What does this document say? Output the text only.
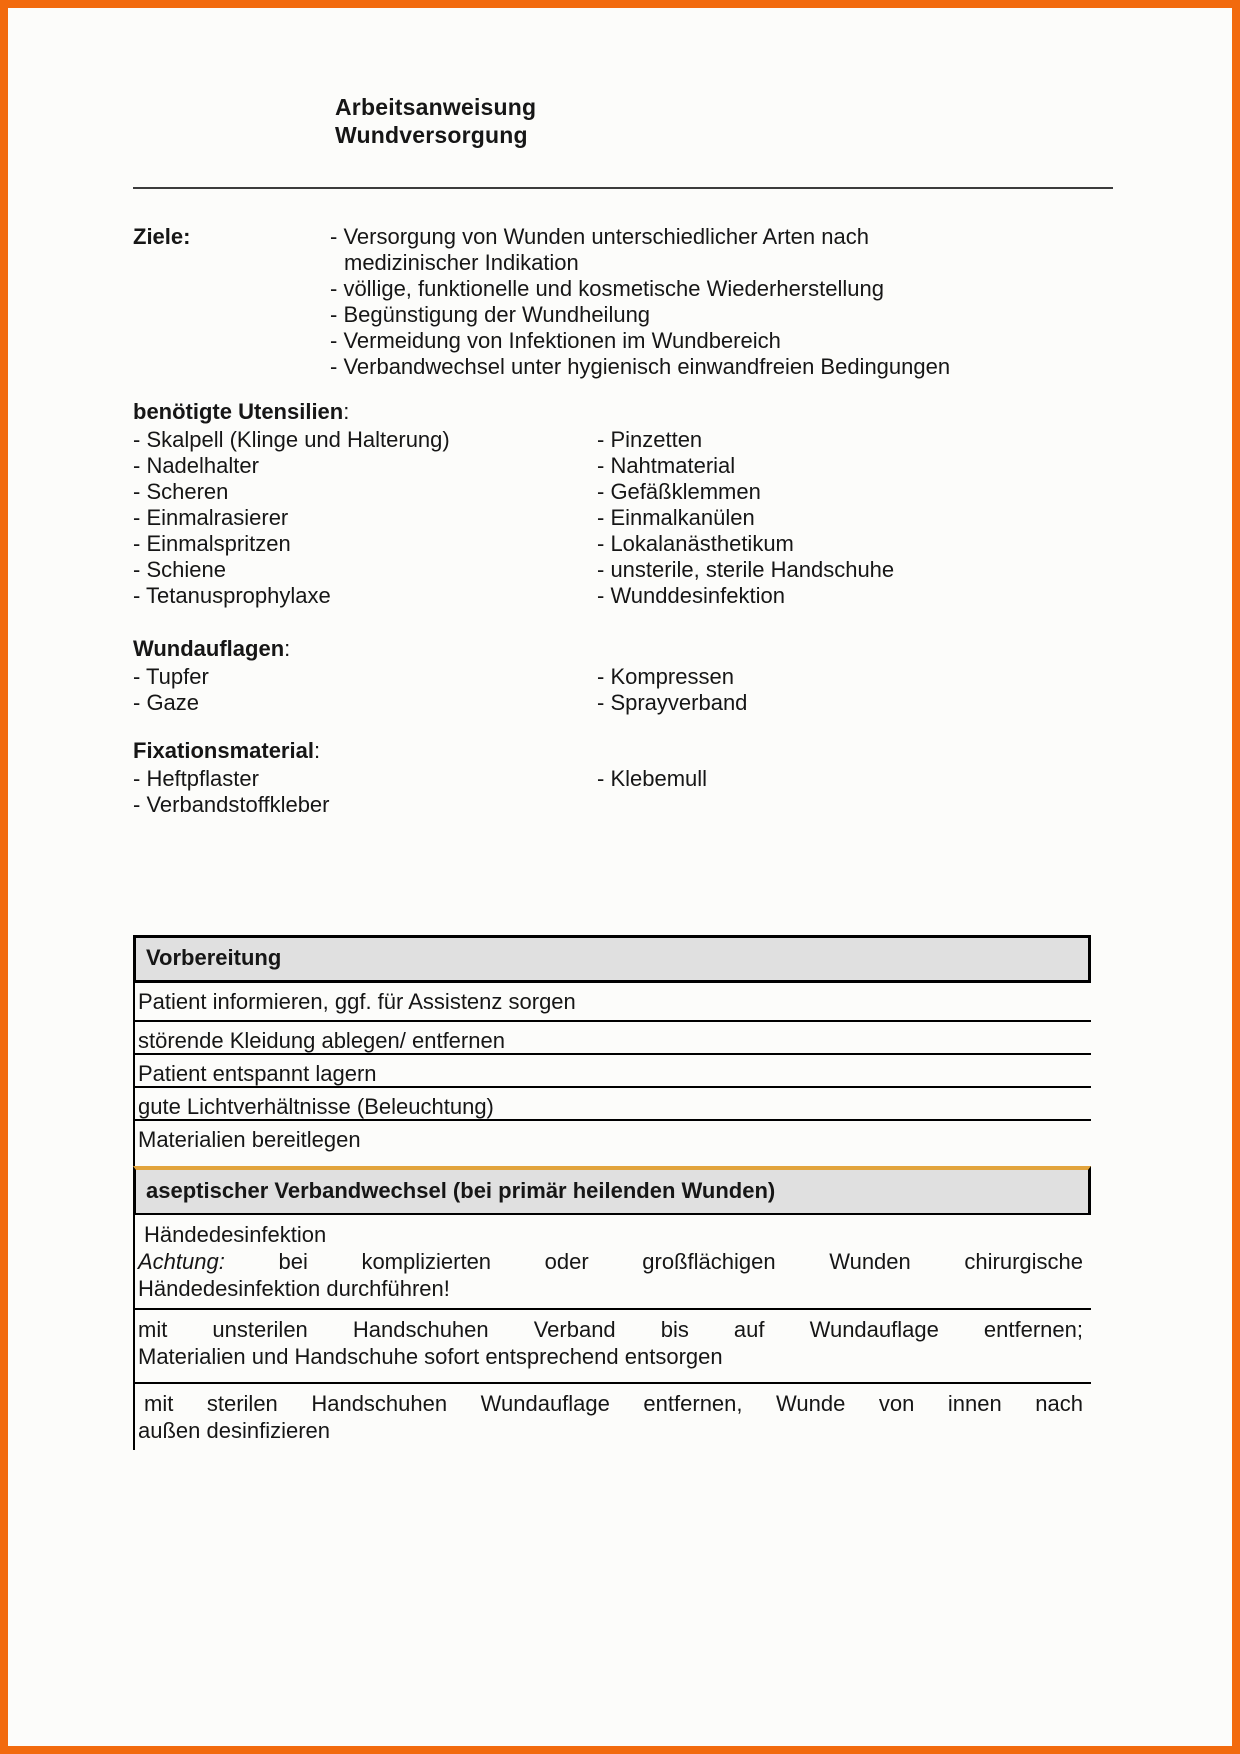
Arbeitsanweisung
Wundversorgung
Ziele:	- Versorgung von Wunden unterschiedlicher Arten nach
medizinischer Indikation
- völlige, funktionelle und kosmetische Wiederherstellung
- Begünstigung der Wundheilung
- Vermeidung von Infektionen im Wundbereich
- Verbandwechsel unter hygienisch einwandfreien Bedingungen
benötigte Utensilien:
- Skalpell (Klinge und Halterung)
- Nadelhalter
- Scheren
- Einmalrasierer
- Einmalspritzen
- Schiene
- Tetanusprophylaxe
- Pinzetten
- Nahtmaterial
- Gefäßklemmen
- Einmalkanülen
- Lokalanästhetikum
- unsterile, sterile Handschuhe
- Wunddesinfektion
Wundauflagen:
- Tupfer
- Gaze
- Kompressen
- Sprayverband
Fixationsmaterial:
- Heftpflaster
- Verbandstoffkleber
- Klebemull
Vorbereitung
Patient informieren, ggf. für Assistenz sorgen
störende Kleidung ablegen/ entfernen
Patient entspannt lagern
gute Lichtverhältnisse (Beleuchtung)
Materialien bereitlegen
aseptischer Verbandwechsel (bei primär heilenden Wunden)
Händedesinfektion
Achtung: bei komplizierten oder großflächigen Wunden chirurgische
Händedesinfektion durchführen!
mit unsterilen Handschuhen Verband bis auf Wundauflage entfernen;
Materialien und Handschuhe sofort entsprechend entsorgen
mit sterilen Handschuhen Wundauflage entfernen, Wunde von innen nach
außen desinfizieren
